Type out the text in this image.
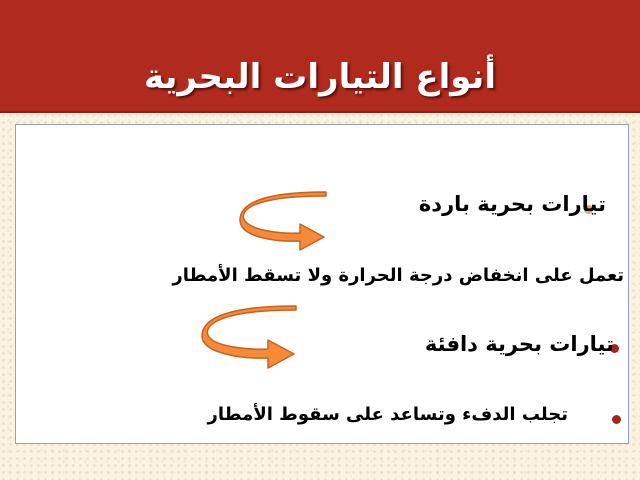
أنواع التيارات البحرية
تيارات بحرية باردة
تعمل على انخفاض درجة الحرارة ولا تسقط الأمطار
تيارات بحرية دافئة
تجلب الدفء وتساعد على سقوط الأمطار
